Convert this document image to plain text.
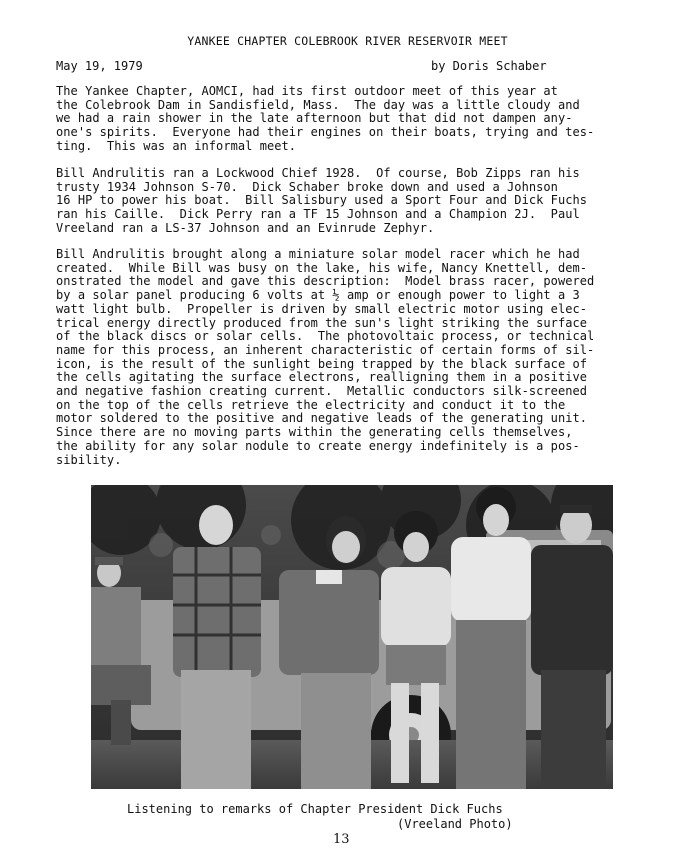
YANKEE CHAPTER COLEBROOK RIVER RESERVOIR MEET
May 19, 1979	by Doris Schaber

The Yankee Chapter, AOMCI, had its first outdoor meet of this year at
the Colebrook Dam in Sandisfield, Mass.  The day was a little cloudy and
we had a rain shower in the late afternoon but that did not dampen any-
one's spirits.  Everyone had their engines on their boats, trying and tes-
ting.  This was an informal meet.

Bill Andrulitis ran a Lockwood Chief 1928.  Of course, Bob Zipps ran his
trusty 1934 Johnson S-70.  Dick Schaber broke down and used a Johnson
16 HP to power his boat.  Bill Salisbury used a Sport Four and Dick Fuchs
ran his Caille.  Dick Perry ran a TF 15 Johnson and a Champion 2J.  Paul
Vreeland ran a LS-37 Johnson and an Evinrude Zephyr.

Bill Andrulitis brought along a miniature solar model racer which he had
created.  While Bill was busy on the lake, his wife, Nancy Knettell, dem-
onstrated the model and gave this description:  Model brass racer, powered
by a solar panel producing 6 volts at ½ amp or enough power to light a 3
watt light bulb.  Propeller is driven by small electric motor using elec-
trical energy directly produced from the sun's light striking the surface
of the black discs or solar cells.  The photovoltaic process, or technical
name for this process, an inherent characteristic of certain forms of sil-
icon, is the result of the sunlight being trapped by the black surface of
the cells agitating the surface electrons, realligning them in a positive
and negative fashion creating current.  Metallic conductors silk-screened
on the top of the cells retrieve the electricity and conduct it to the
motor soldered to the positive and negative leads of the generating unit.
Since there are no moving parts within the generating cells themselves,
the ability for any solar nodule to create energy indefinitely is a pos-
sibility.

Listening to remarks of Chapter President Dick Fuchs
(Vreeland Photo)
13
